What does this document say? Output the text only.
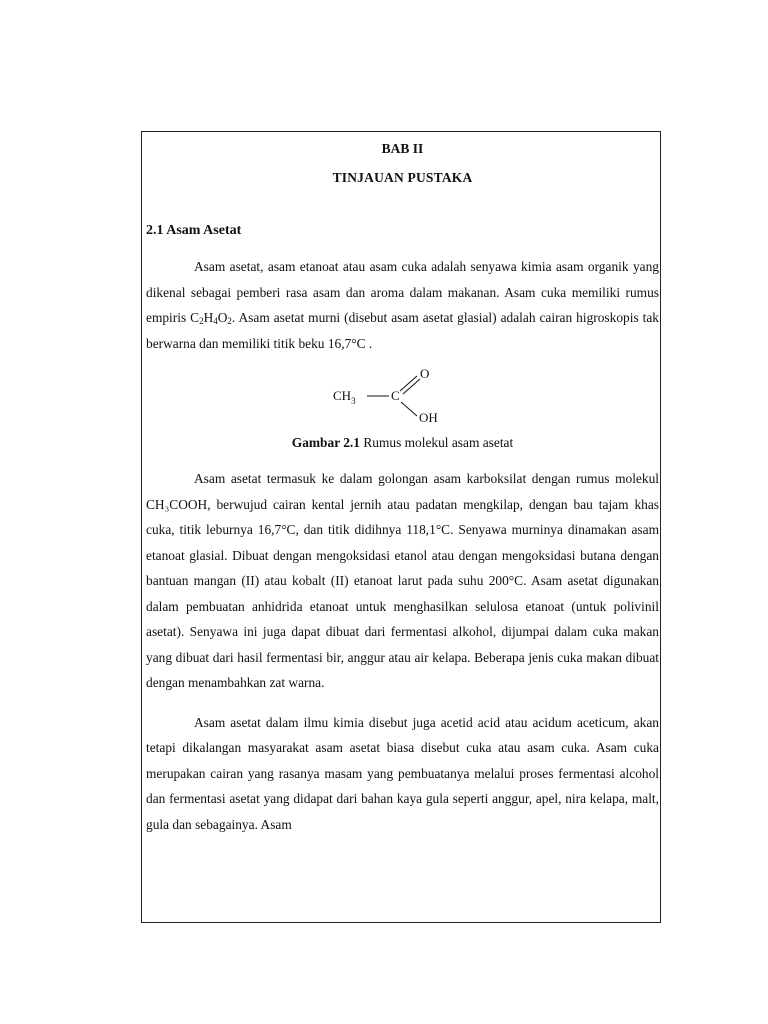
BAB II
TINJAUAN PUSTAKA
2.1 Asam Asetat

Asam asetat, asam etanoat atau asam cuka adalah senyawa kimia asam organik yang dikenal sebagai pemberi rasa asam dan aroma dalam makanan. Asam cuka memiliki rumus empiris $C_2H_4O_2$. Asam asetat murni (disebut asam asetat glasial) adalah cairan higroskopis tak berwarna dan memiliki titik beku 16,7°C .

$CH_3$	C
O
OH
Gambar 2.1 Rumus molekul asam asetat

Asam asetat termasuk ke dalam golongan asam karboksilat dengan rumus molekul CH₃COOH, berwujud cairan kental jernih atau padatan mengkilap, dengan bau tajam khas cuka, titik leburnya 16,7°C, dan titik didihnya 118,1°C. Senyawa murninya dinamakan asam etanoat glasial. Dibuat dengan mengoksidasi etanol atau dengan mengoksidasi butana dengan bantuan mangan (II) atau kobalt (II) etanoat larut pada suhu 200°C. Asam asetat digunakan dalam pembuatan anhidrida etanoat untuk menghasilkan selulosa etanoat (untuk polivinil asetat). Senyawa ini juga dapat dibuat dari fermentasi alkohol, dijumpai dalam cuka makan yang dibuat dari hasil fermentasi bir, anggur atau air kelapa. Beberapa jenis cuka makan dibuat dengan menambahkan zat warna.

Asam asetat dalam ilmu kimia disebut juga acetid acid atau acidum aceticum, akan tetapi dikalangan masyarakat asam asetat biasa disebut cuka atau asam cuka. Asam cuka merupakan cairan yang rasanya masam yang pembuatanya melalui proses fermentasi alcohol dan fermentasi asetat yang didapat dari bahan kaya gula seperti anggur, apel, nira kelapa, malt, gula dan sebagainya. Asam
